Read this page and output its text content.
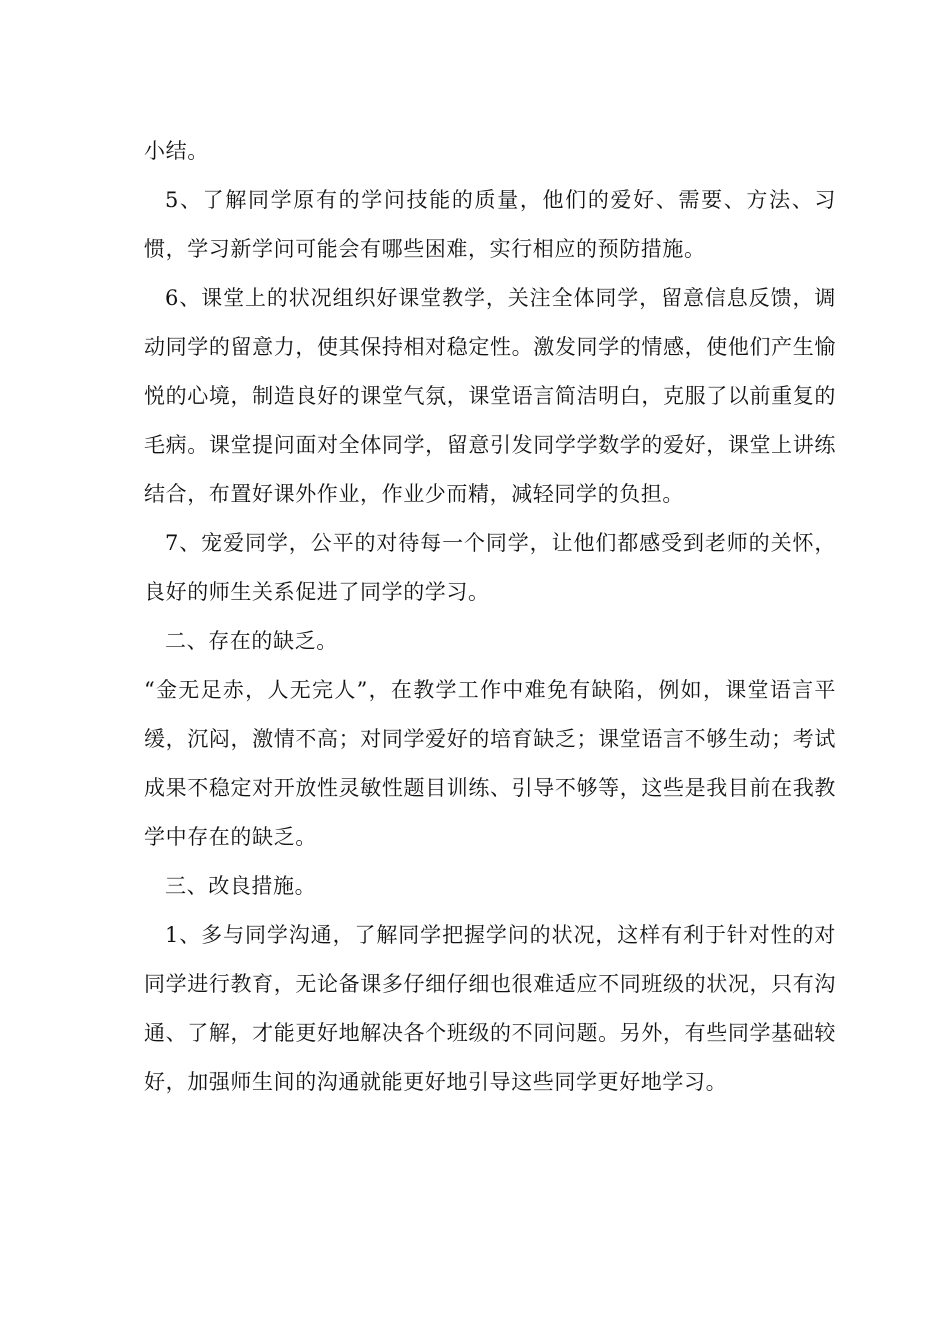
小结。

5、了解同学原有的学问技能的质量，他们的爱好、需要、方法、习惯，学习新学问可能会有哪些困难，实行相应的预防措施。

6、课堂上的状况组织好课堂教学，关注全体同学，留意信息反馈，调动同学的留意力，使其保持相对稳定性。激发同学的情感，使他们产生愉悦的心境，制造良好的课堂气氛，课堂语言简洁明白，克服了以前重复的毛病。课堂提问面对全体同学，留意引发同学学数学的爱好，课堂上讲练结合，布置好课外作业，作业少而精，减轻同学的负担。

7、宠爱同学，公平的对待每一个同学，让他们都感受到老师的关怀，良好的师生关系促进了同学的学习。

二、存在的缺乏。

“金无足赤，人无完人”，在教学工作中难免有缺陷，例如，课堂语言平缓，沉闷，激情不高；对同学爱好的培育缺乏；课堂语言不够生动；考试成果不稳定对开放性灵敏性题目训练、引导不够等，这些是我目前在我教学中存在的缺乏。

三、改良措施。

1、多与同学沟通，了解同学把握学问的状况，这样有利于针对性的对同学进行教育，无论备课多仔细仔细也很难适应不同班级的状况，只有沟通、了解，才能更好地解决各个班级的不同问题。另外，有些同学基础较好，加强师生间的沟通就能更好地引导这些同学更好地学习。
